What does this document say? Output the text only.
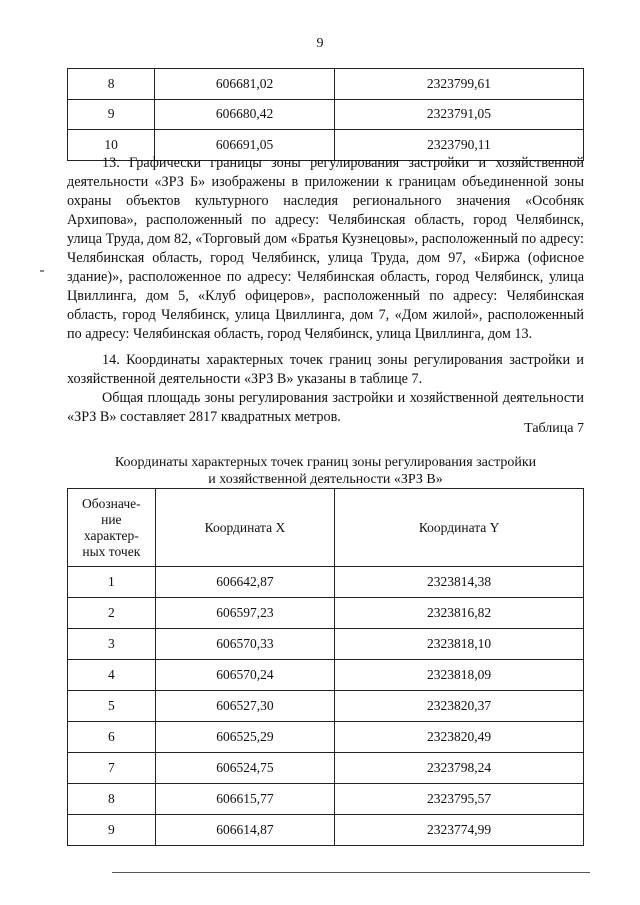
9
8	606681,02	2323799,61
9	606680,42	2323791,05
10	606691,05	2323790,11

13. Графически границы зоны регулирования застройки и хозяйственной деятельности «ЗРЗ Б» изображены в приложении к границам объединенной зоны охраны объектов культурного наследия регионального значения «Особняк Архипова», расположенный по адресу: Челябинская область, город Челябинск, улица Труда, дом 82, «Торговый дом «Братья Кузнецовы», расположенный по адресу: Челябинская область, город Челябинск, улица Труда, дом 97, «Биржа (офисное здание)», расположенное по адресу: Челябинская область, город Челябинск, улица Цвиллинга, дом 5, «Клуб офицеров», расположенный по адресу: Челябинская область, город Челябинск, улица Цвиллинга, дом 7, «Дом жилой», расположенный по адресу: Челябинская область, город Челябинск, улица Цвиллинга, дом 13.

14. Координаты характерных точек границ зоны регулирования застройки и хозяйственной деятельности «ЗРЗ В» указаны в таблице 7.

Общая площадь зоны регулирования застройки и хозяйственной деятельности «ЗРЗ В» составляет 2817 квадратных метров.

Таблица 7
Координаты характерных точек границ зоны регулирования застройки
и хозяйственной деятельности «ЗРЗ В»
Обозначе-
ние
характер-
ных точек	Координата X	Координата Y
1	606642,87	2323814,38
2	606597,23	2323816,82
3	606570,33	2323818,10
4	606570,24	2323818,09
5	606527,30	2323820,37
6	606525,29	2323820,49
7	606524,75	2323798,24
8	606615,77	2323795,57
9	606614,87	2323774,99
